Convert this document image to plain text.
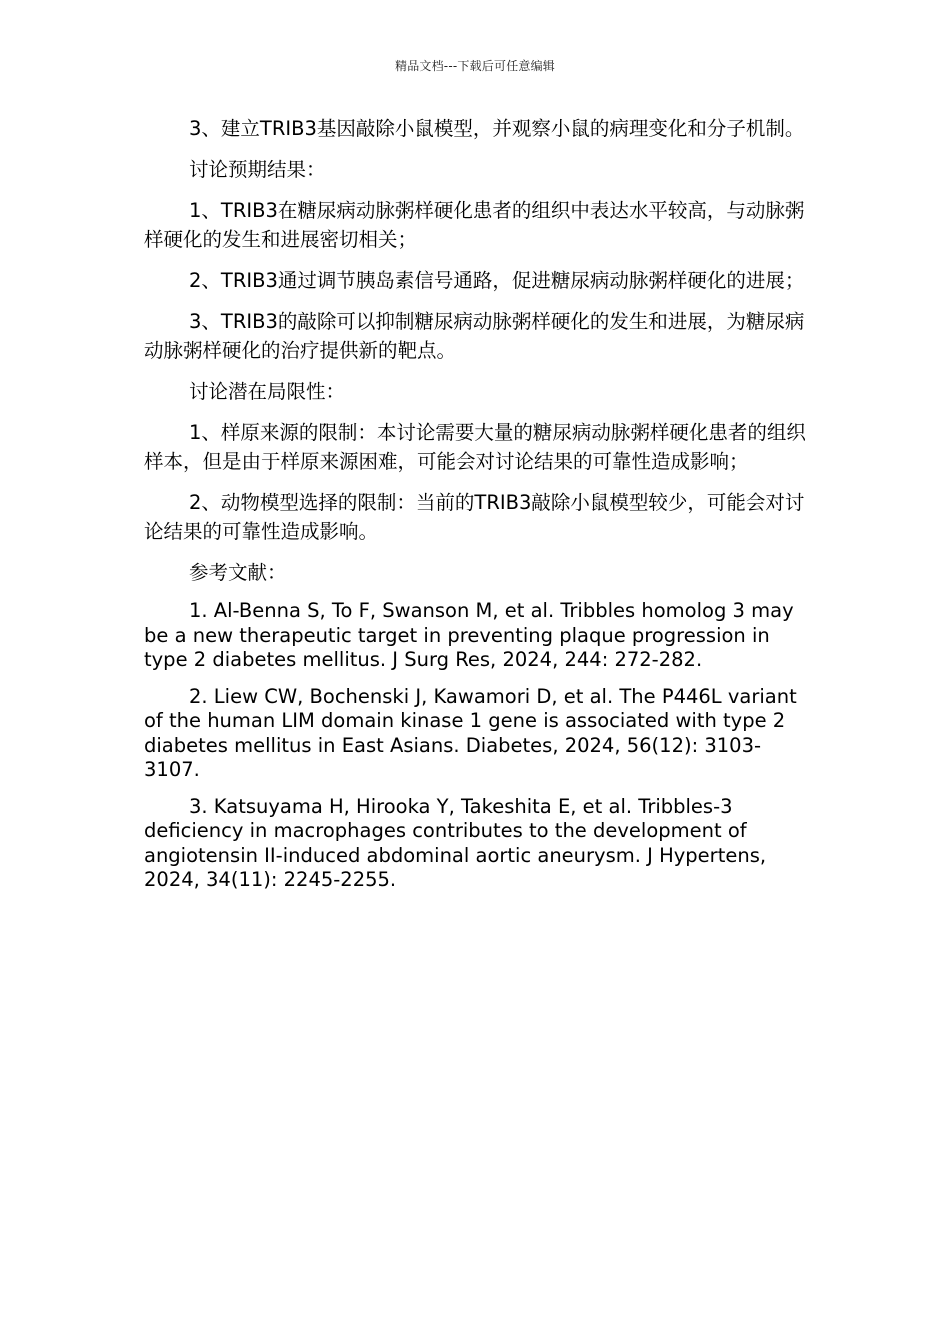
精品文档---下载后可任意编辑

3、建立TRIB3基因敲除小鼠模型，并观察小鼠的病理变化和分子机制。

讨论预期结果：

1、TRIB3在糖尿病动脉粥样硬化患者的组织中表达水平较高，与动脉粥样硬化的发生和进展密切相关；

2、TRIB3通过调节胰岛素信号通路，促进糖尿病动脉粥样硬化的进展；

3、TRIB3的敲除可以抑制糖尿病动脉粥样硬化的发生和进展，为糖尿病动脉粥样硬化的治疗提供新的靶点。

讨论潜在局限性：

1、样原来源的限制：本讨论需要大量的糖尿病动脉粥样硬化患者的组织样本，但是由于样原来源困难，可能会对讨论结果的可靠性造成影响；

2、动物模型选择的限制：当前的TRIB3敲除小鼠模型较少，可能会对讨论结果的可靠性造成影响。

参考文献：

1. Al-Benna S, To F, Swanson M, et al. Tribbles homolog 3 may be a new therapeutic target in preventing plaque progression in type 2 diabetes mellitus. J Surg Res, 2024, 244: 272-282.

2. Liew CW, Bochenski J, Kawamori D, et al. The P446L variant of the human LIM domain kinase 1 gene is associated with type 2 diabetes mellitus in East Asians. Diabetes, 2024, 56(12): 3103-3107.

3. Katsuyama H, Hirooka Y, Takeshita E, et al. Tribbles-3 deficiency in macrophages contributes to the development of angiotensin II-induced abdominal aortic aneurysm. J Hypertens, 2024, 34(11): 2245-2255.
